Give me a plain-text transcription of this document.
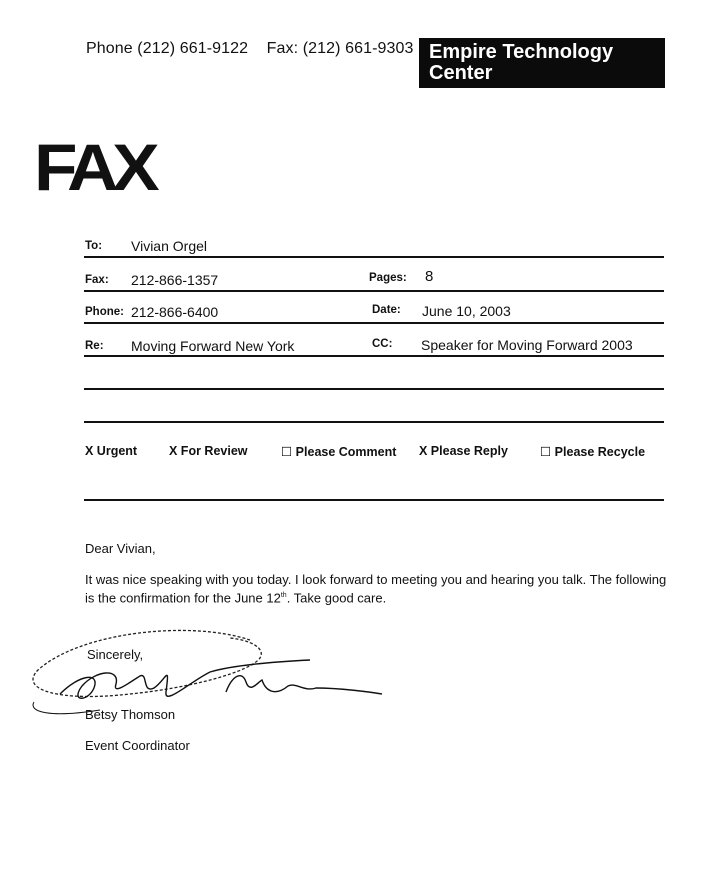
Phone (212) 661-9122 Fax: (212) 661-9303 Empire Technology
Center
FAX
To: Vivian Orgel
Fax: 212-866-1357	Pages: 8
Phone: 212-866-6400	Date: June 10, 2003
Re: Moving Forward New York	CC: Speaker for Moving Forward 2003
X Urgent	X For Review	☐ Please Comment X Please Reply	☐ Please Recycle
Dear Vivian,
It was nice speaking with you today. I look forward to meeting you and hearing you talk. The following
is the confirmation for the June 12th. Take good care.
Sincerely,
Betsy Thomson
Event Coordinator
